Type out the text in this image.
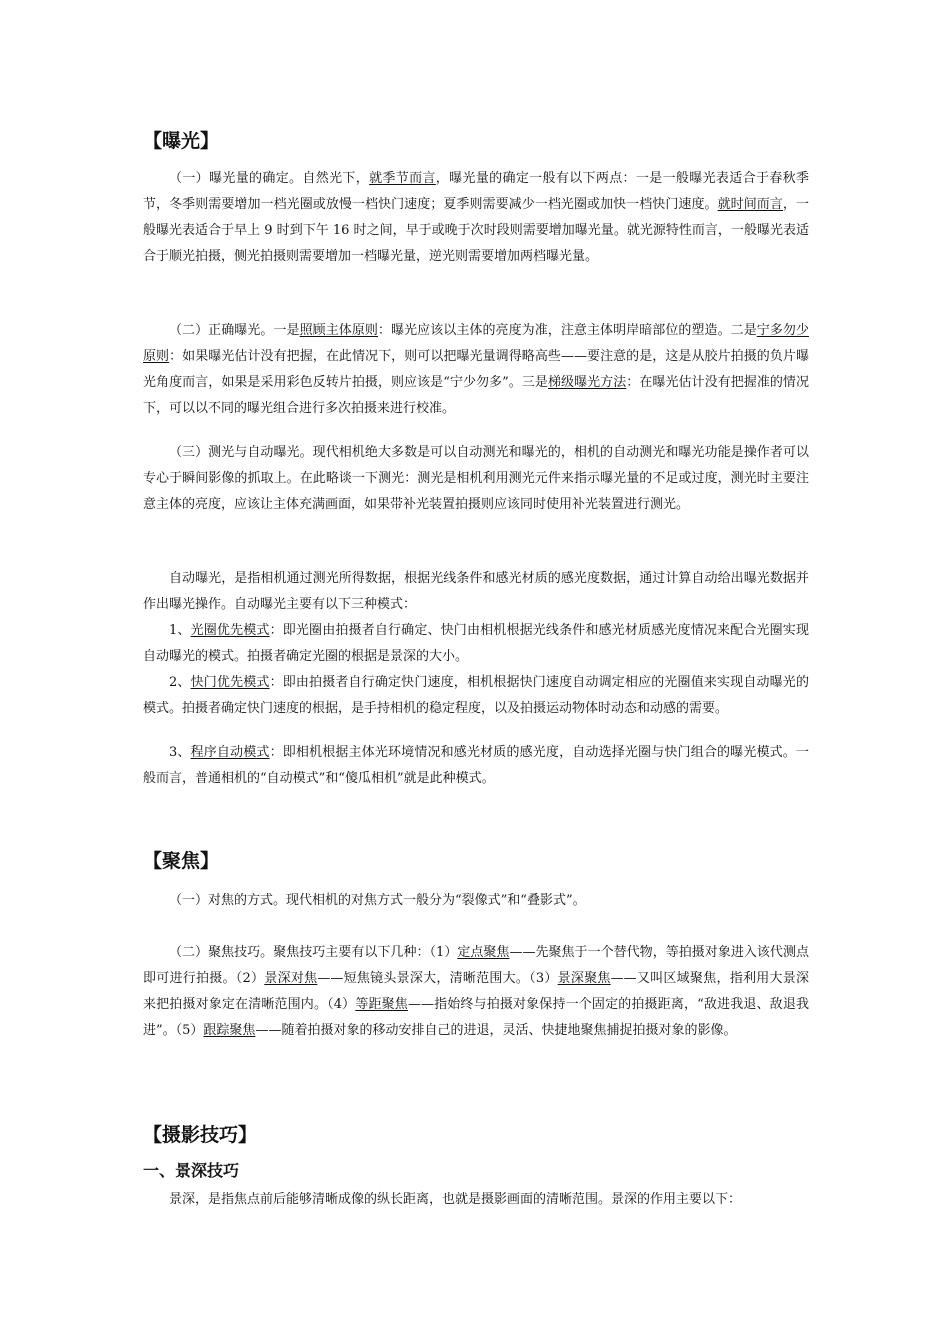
【曝光】

（一）曝光量的确定。自然光下，就季节而言，曝光量的确定一般有以下两点：一是一般曝光表适合于春秋季节，冬季则需要增加一档光圈或放慢一档快门速度；夏季则需要减少一档光圈或加快一档快门速度。就时间而言，一般曝光表适合于早上 9 时到下午 16 时之间，早于或晚于次时段则需要增加曝光量。就光源特性而言，一般曝光表适合于顺光拍摄，侧光拍摄则需要增加一档曝光量，逆光则需要增加两档曝光量。

（二）正确曝光。一是照顾主体原则：曝光应该以主体的亮度为准，注意主体明岸暗部位的塑造。二是宁多勿少原则：如果曝光估计没有把握，在此情况下，则可以把曝光量调得略高些——要注意的是，这是从胶片拍摄的负片曝光角度而言，如果是采用彩色反转片拍摄，则应该是“宁少勿多”。三是梯级曝光方法：在曝光估计没有把握准的情况下，可以以不同的曝光组合进行多次拍摄来进行校准。

（三）测光与自动曝光。现代相机绝大多数是可以自动测光和曝光的，相机的自动测光和曝光功能是操作者可以专心于瞬间影像的抓取上。在此略谈一下测光：测光是相机利用测光元件来指示曝光量的不足或过度，测光时主要注意主体的亮度，应该让主体充满画面，如果带补光装置拍摄则应该同时使用补光装置进行测光。

自动曝光，是指相机通过测光所得数据，根据光线条件和感光材质的感光度数据，通过计算自动给出曝光数据并作出曝光操作。自动曝光主要有以下三种模式：

1、光圈优先模式：即光圈由拍摄者自行确定、快门由相机根据光线条件和感光材质感光度情况来配合光圈实现自动曝光的模式。拍摄者确定光圈的根据是景深的大小。

2、快门优先模式：即由拍摄者自行确定快门速度，相机根据快门速度自动调定相应的光圈值来实现自动曝光的模式。拍摄者确定快门速度的根据，是手持相机的稳定程度，以及拍摄运动物体时动态和动感的需要。

3、程序自动模式：即相机根据主体光环境情况和感光材质的感光度，自动选择光圈与快门组合的曝光模式。一般而言，普通相机的“自动模式”和“傻瓜相机”就是此种模式。

【聚焦】

（一）对焦的方式。现代相机的对焦方式一般分为“裂像式”和“叠影式”。

（二）聚焦技巧。聚焦技巧主要有以下几种：（1）定点聚焦——先聚焦于一个替代物，等拍摄对象进入该代测点即可进行拍摄。（2）景深对焦——短焦镜头景深大，清晰范围大。（3）景深聚焦——又叫区域聚焦，指利用大景深来把拍摄对象定在清晰范围内。（4）等距聚焦——指始终与拍摄对象保持一个固定的拍摄距离，“敌进我退、敌退我进”。（5）跟踪聚焦——随着拍摄对象的移动安排自己的进退，灵活、快捷地聚焦捕捉拍摄对象的影像。

【摄影技巧】
一、景深技巧

景深，是指焦点前后能够清晰成像的纵长距离，也就是摄影画面的清晰范围。景深的作用主要以下：
